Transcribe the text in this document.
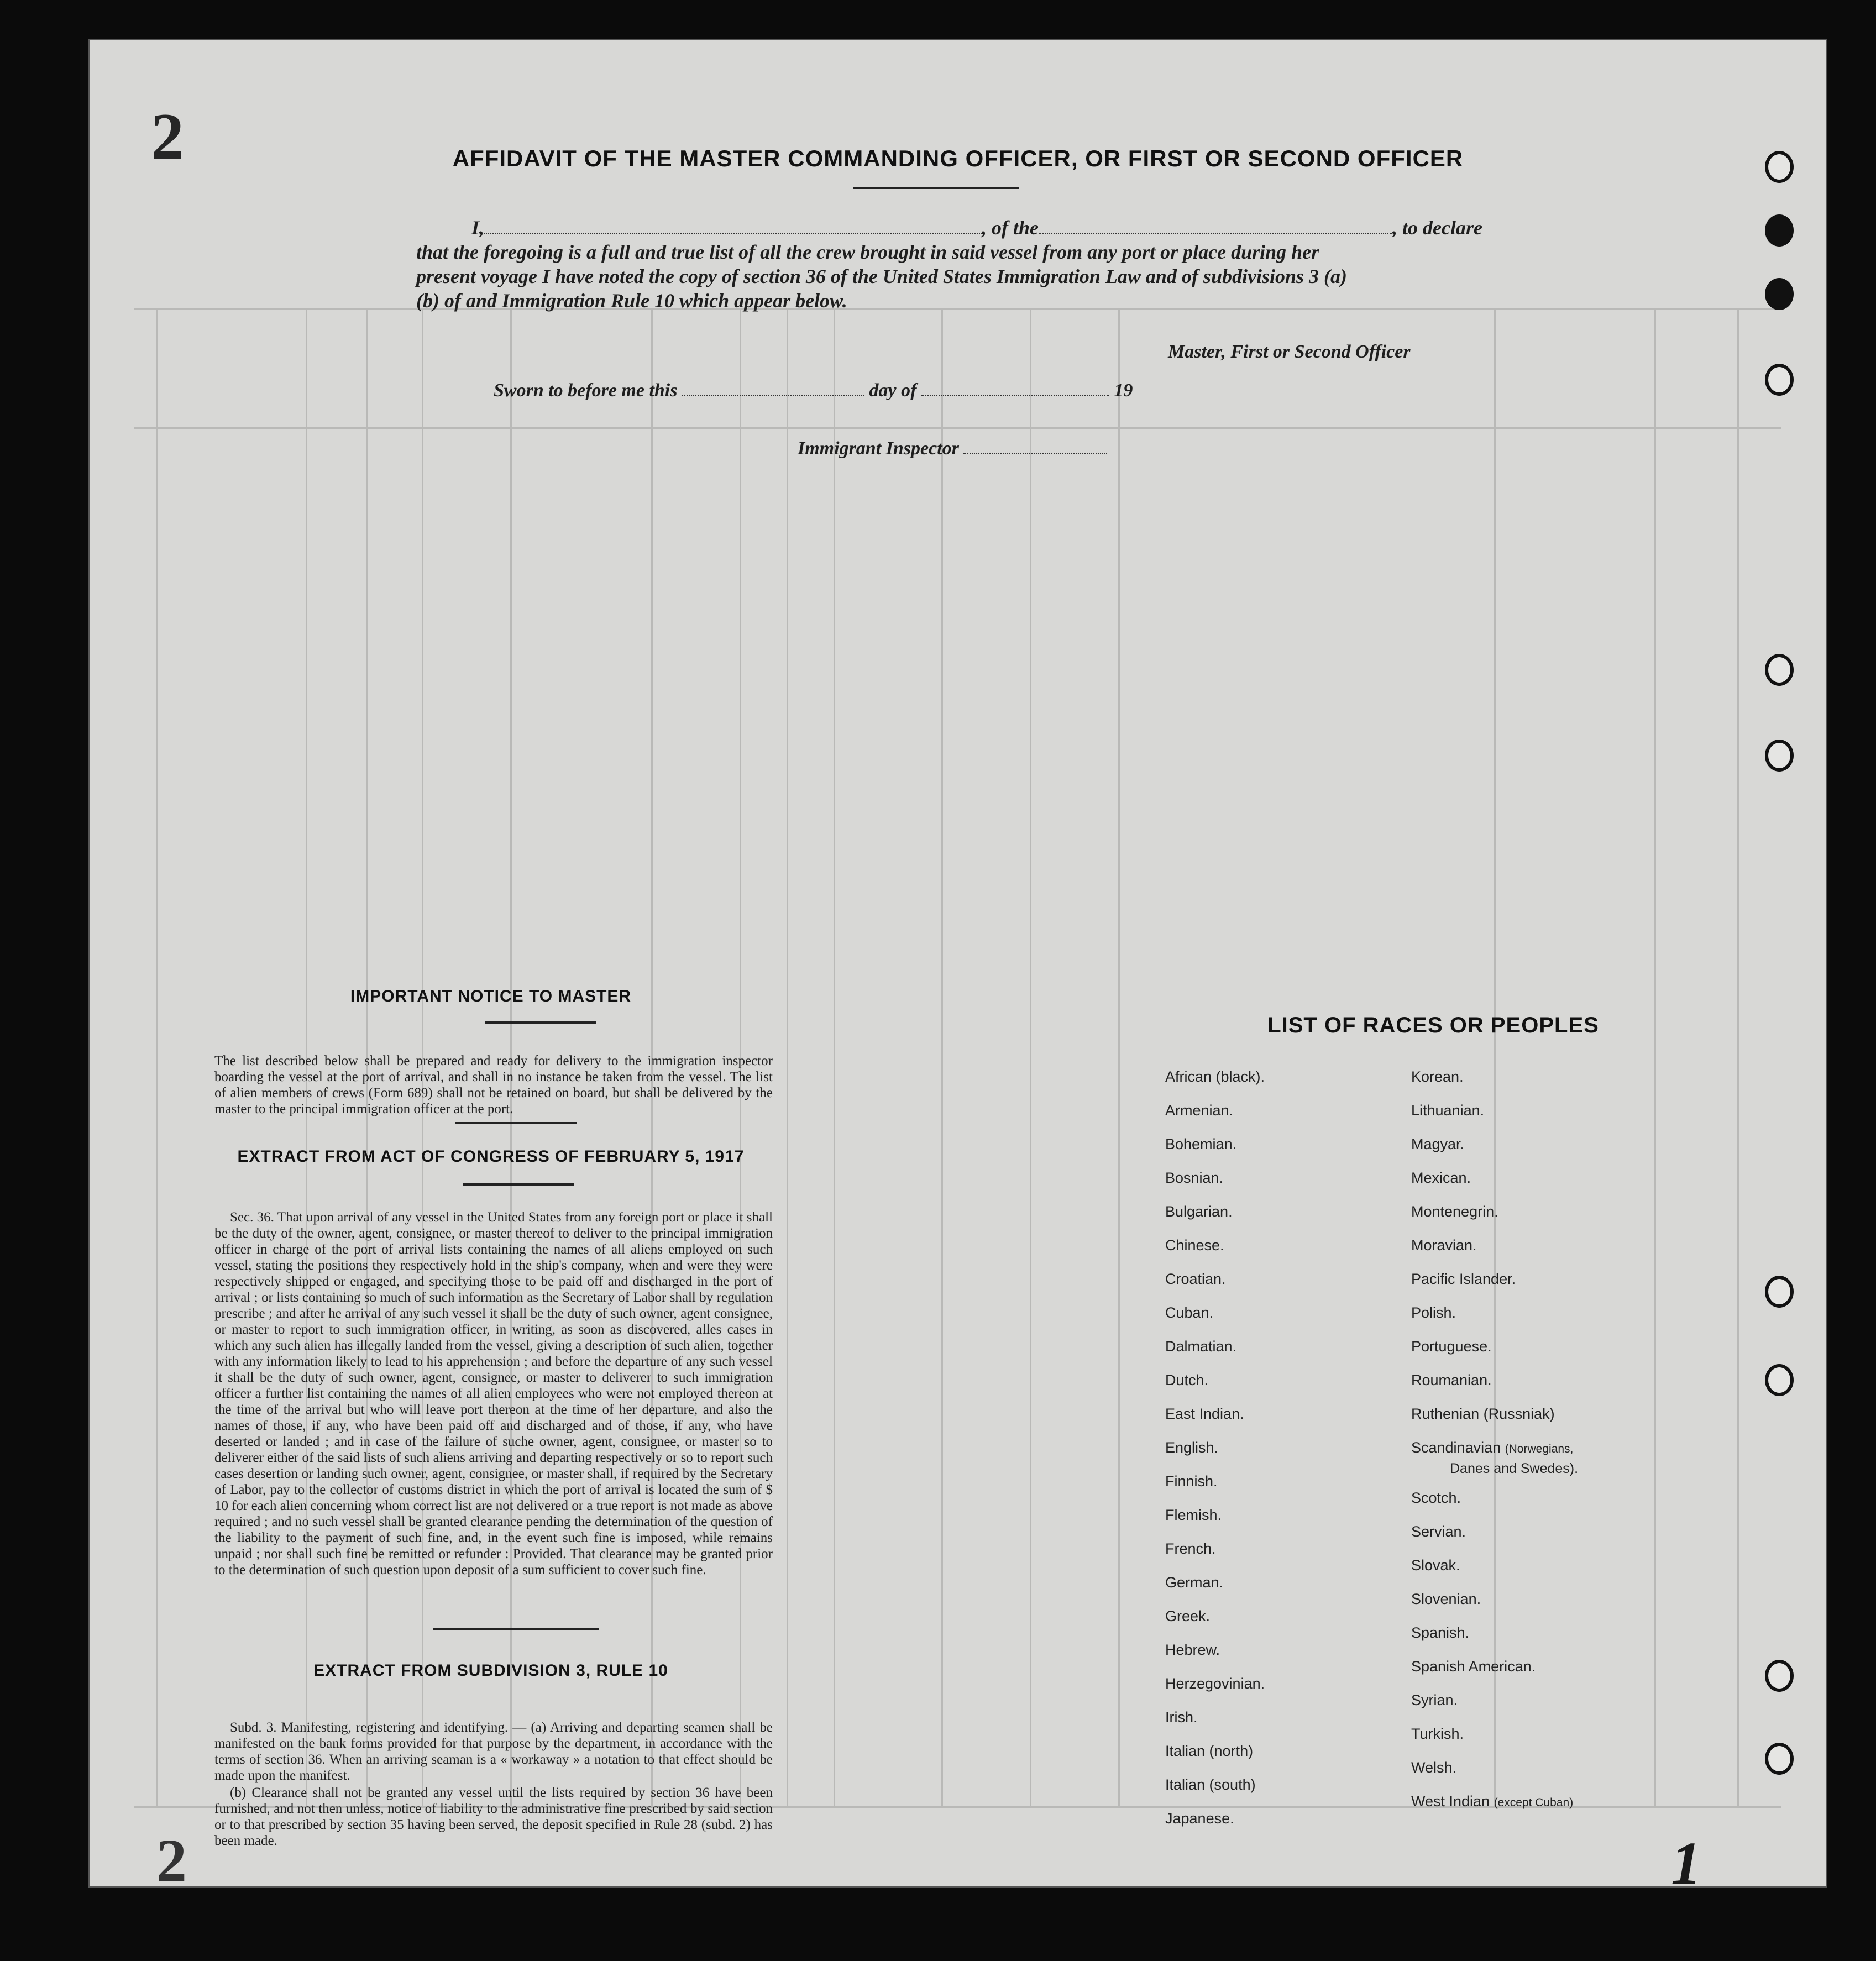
2
2	1
AFFIDAVIT OF THE MASTER COMMANDING OFFICER, OR FIRST OR SECOND OFFICER
I,	, of the	, to declare
that the foregoing is a full and true list of all the crew brought in said vessel from any port or place during her
present voyage I have noted the copy of section 36 of the United States Immigration Law and of subdivisions 3 (a)
(b) of and Immigration Rule 10 which appear below.
Master, First or Second Officer
Sworn to before me this	day of	19
Immigrant Inspector
IMPORTANT NOTICE TO MASTER

The list described below shall be prepared and ready for delivery to the immigration inspector boarding the vessel at the port of arrival, and shall in no instance be taken from the vessel. The list of alien members of crews (Form 689) shall not be retained on board, but shall be delivered by the master to the principal immigration officer at the port.

EXTRACT FROM ACT OF CONGRESS OF FEBRUARY 5, 1917

Sec. 36. That upon arrival of any vessel in the United States from any foreign port or place it shall be the duty of the owner, agent, consignee, or master thereof to deliver to the principal immigration officer in charge of the port of arrival lists containing the names of all aliens employed on such vessel, stating the positions they respectively hold in the ship's company, when and were they were respectively shipped or engaged, and specifying those to be paid off and discharged in the port of arrival ; or lists containing so much of such information as the Secretary of Labor shall by regulation prescribe ; and after he arrival of any such vessel it shall be the duty of such owner, agent consignee, or master to report to such immigration officer, in writing, as soon as discovered, alles cases in which any such alien has illegally landed from the vessel, giving a description of such alien, together with any information likely to lead to his apprehension ; and before the departure of any such vessel it shall be the duty of such owner, agent, consignee, or master to deliverer to such immigration officer a further list containing the names of all alien employees who were not employed thereon at the time of the arrival but who will leave port thereon at the time of her departure, and also the names of those, if any, who have been paid off and discharged and of those, if any, who have deserted or landed ; and in case of the failure of suche owner, agent, consignee, or master so to deliverer either of the said lists of such aliens arriving and departing respectively or so to report such cases desertion or landing such owner, agent, consignee, or master shall, if required by the Secretary of Labor, pay to the collector of customs district in which the port of arrival is located the sum of $ 10 for each alien concerning whom correct list are not delivered or a true report is not made as above required ; and no such vessel shall be granted clearance pending the determination of the question of the liability to the payment of such fine, and, in the event such fine is imposed, while remains unpaid ; nor shall such fine be remitted or refunder : Provided. That clearance may be granted prior to the determination of such question upon deposit of a sum sufficient to cover such fine.

EXTRACT FROM SUBDIVISION 3, RULE 10

Subd. 3. Manifesting, registering and identifying. — (a) Arriving and departing seamen shall be manifested on the bank forms provided for that purpose by the department, in accordance with the terms of section 36. When an arriving seaman is a « workaway » a notation to that effect should be made upon the manifest.

(b) Clearance shall not be granted any vessel until the lists required by section 36 have been furnished, and not then unless, notice of liability to the administrative fine prescribed by said section or to that prescribed by section 35 having been served, the deposit specified in Rule 28 (subd. 2) has been made.

LIST OF RACES OR PEOPLES
African (black).
Armenian.
Bohemian.
Bosnian.
Bulgarian.
Chinese.
Croatian.
Cuban.
Dalmatian.
Dutch.
East Indian.
English.
Finnish.
Flemish.
French.
German.
Greek.
Hebrew.
Herzegovinian.
Irish.
Italian (north)
Italian (south)
Japanese.
Korean.
Lithuanian.
Magyar.
Mexican.
Montenegrin.
Moravian.
Pacific Islander.
Polish.
Portuguese.
Roumanian.
Ruthenian (Russniak)
Scandinavian (Norwegians,
Danes and Swedes).
Scotch.
Servian.
Slovak.
Slovenian.
Spanish.
Spanish American.
Syrian.
Turkish.
Welsh.
West Indian (except Cuban)
